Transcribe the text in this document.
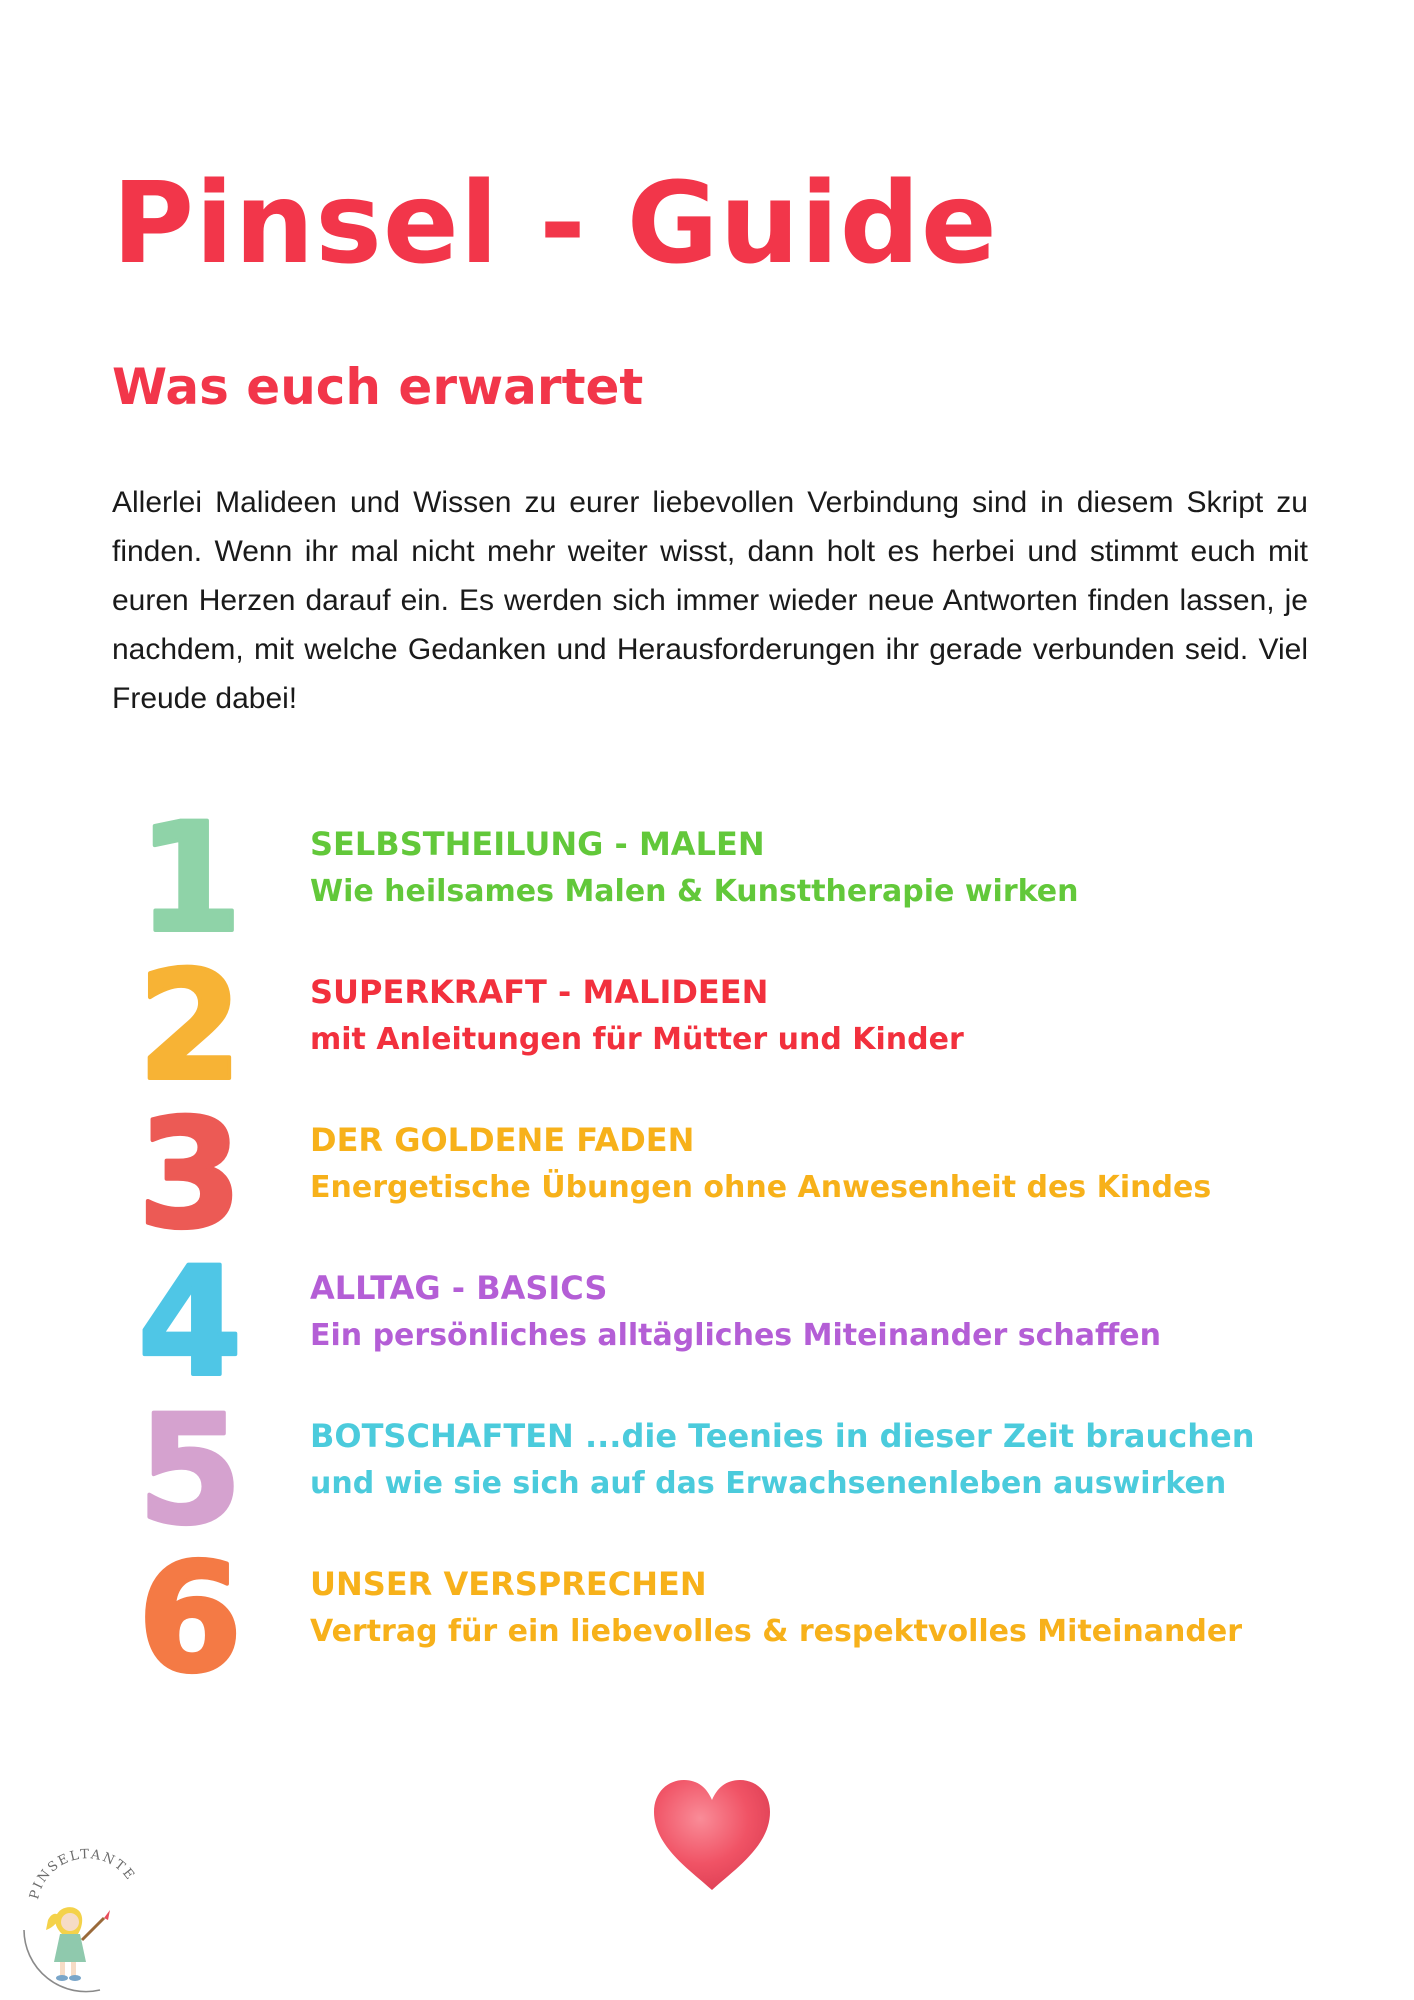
Pinsel - Guide
Was euch erwartet

Allerlei Malideen und Wissen zu eurer liebevollen Verbindung sind in diesem Skript zu finden. Wenn ihr mal nicht mehr weiter wisst, dann holt es herbei und stimmt euch mit euren Herzen darauf ein. Es werden sich immer wieder neue Antworten finden lassen, je nachdem, mit welche Gedanken und Herausforderungen ihr gerade verbunden seid. Viel Freude dabei!

1 SELBSTHEILUNG - MALEN
Wie heilsames Malen & Kunsttherapie wirken
2 SUPERKRAFT - MALIDEEN
mit Anleitungen für Mütter und Kinder
3 DER GOLDENE FADEN
Energetische Übungen ohne Anwesenheit des Kindes
4 ALLTAG - BASICS
Ein persönliches alltägliches Miteinander schaffen
5 BOTSCHAFTEN ...die Teenies in dieser Zeit brauchen
und wie sie sich auf das Erwachsenenleben auswirken
6 UNSER VERSPRECHEN
Vertrag für ein liebevolles & respektvolles Miteinander
PINSELTANTE
